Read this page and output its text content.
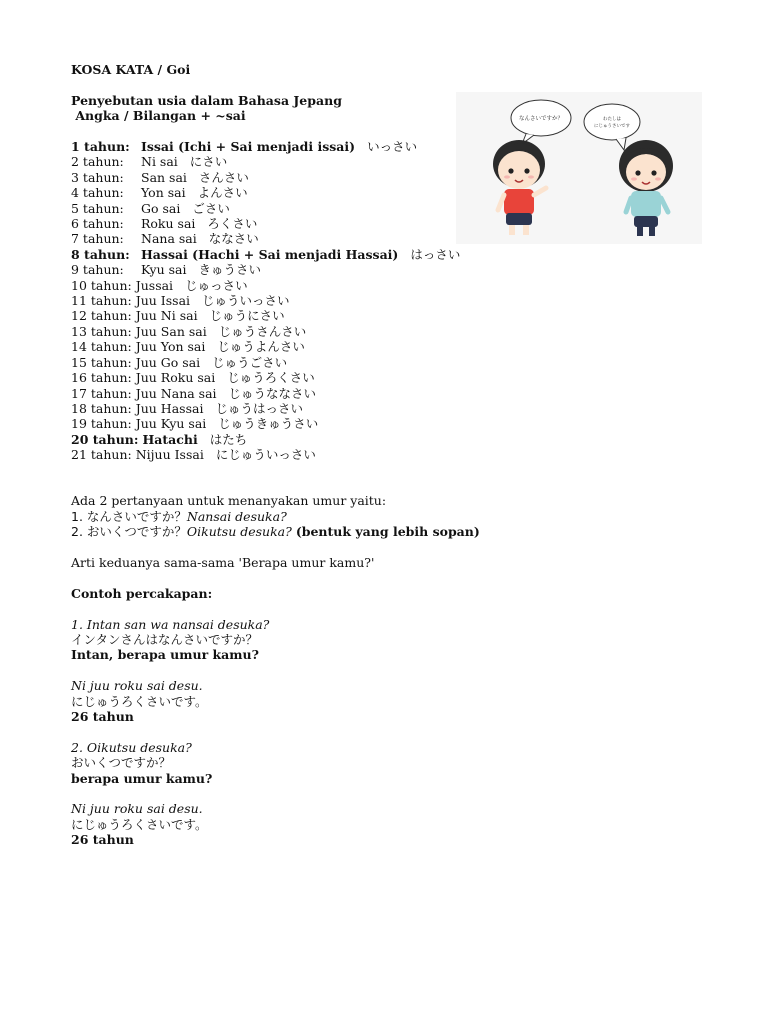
なんさいですか？	わたしは
にじゅうさいです
KOSA KATA / Goi
Penyebutan usia dalam Bahasa Jepang
Angka / Bilangan + ~sai
1 tahun: Issai (Ichi + Sai menjadi issai) いっさい
2 tahun: Ni sai にさい
3 tahun: San sai さんさい
4 tahun: Yon sai よんさい
5 tahun: Go sai ごさい
6 tahun: Roku sai ろくさい
7 tahun: Nana sai ななさい
8 tahun: Hassai (Hachi + Sai menjadi Hassai) はっさい
9 tahun: Kyu sai きゅうさい
10 tahun: Jussai じゅっさい
11 tahun: Juu Issai じゅういっさい
12 tahun: Juu Ni sai じゅうにさい
13 tahun: Juu San sai じゅうさんさい
14 tahun: Juu Yon sai じゅうよんさい
15 tahun: Juu Go sai じゅうごさい
16 tahun: Juu Roku sai じゅうろくさい
17 tahun: Juu Nana sai じゅうななさい
18 tahun: Juu Hassai じゅうはっさい
19 tahun: Juu Kyu sai じゅうきゅうさい
20 tahun: Hatachi はたち
21 tahun: Nijuu Issai にじゅういっさい
Ada 2 pertanyaan untuk menanyakan umur yaitu:
1. なんさいですか？Nansai desuka?
2. おいくつですか？Oikutsu desuka? (bentuk yang lebih sopan)
Arti keduanya sama-sama 'Berapa umur kamu?'
Contoh percakapan:
1. Intan san wa nansai desuka?
インタンさんはなんさいですか？
Intan, berapa umur kamu?
Ni juu roku sai desu.
にじゅうろくさいです。
26 tahun
2. Oikutsu desuka?
おいくつですか？
berapa umur kamu?
Ni juu roku sai desu.
にじゅうろくさいです。
26 tahun
